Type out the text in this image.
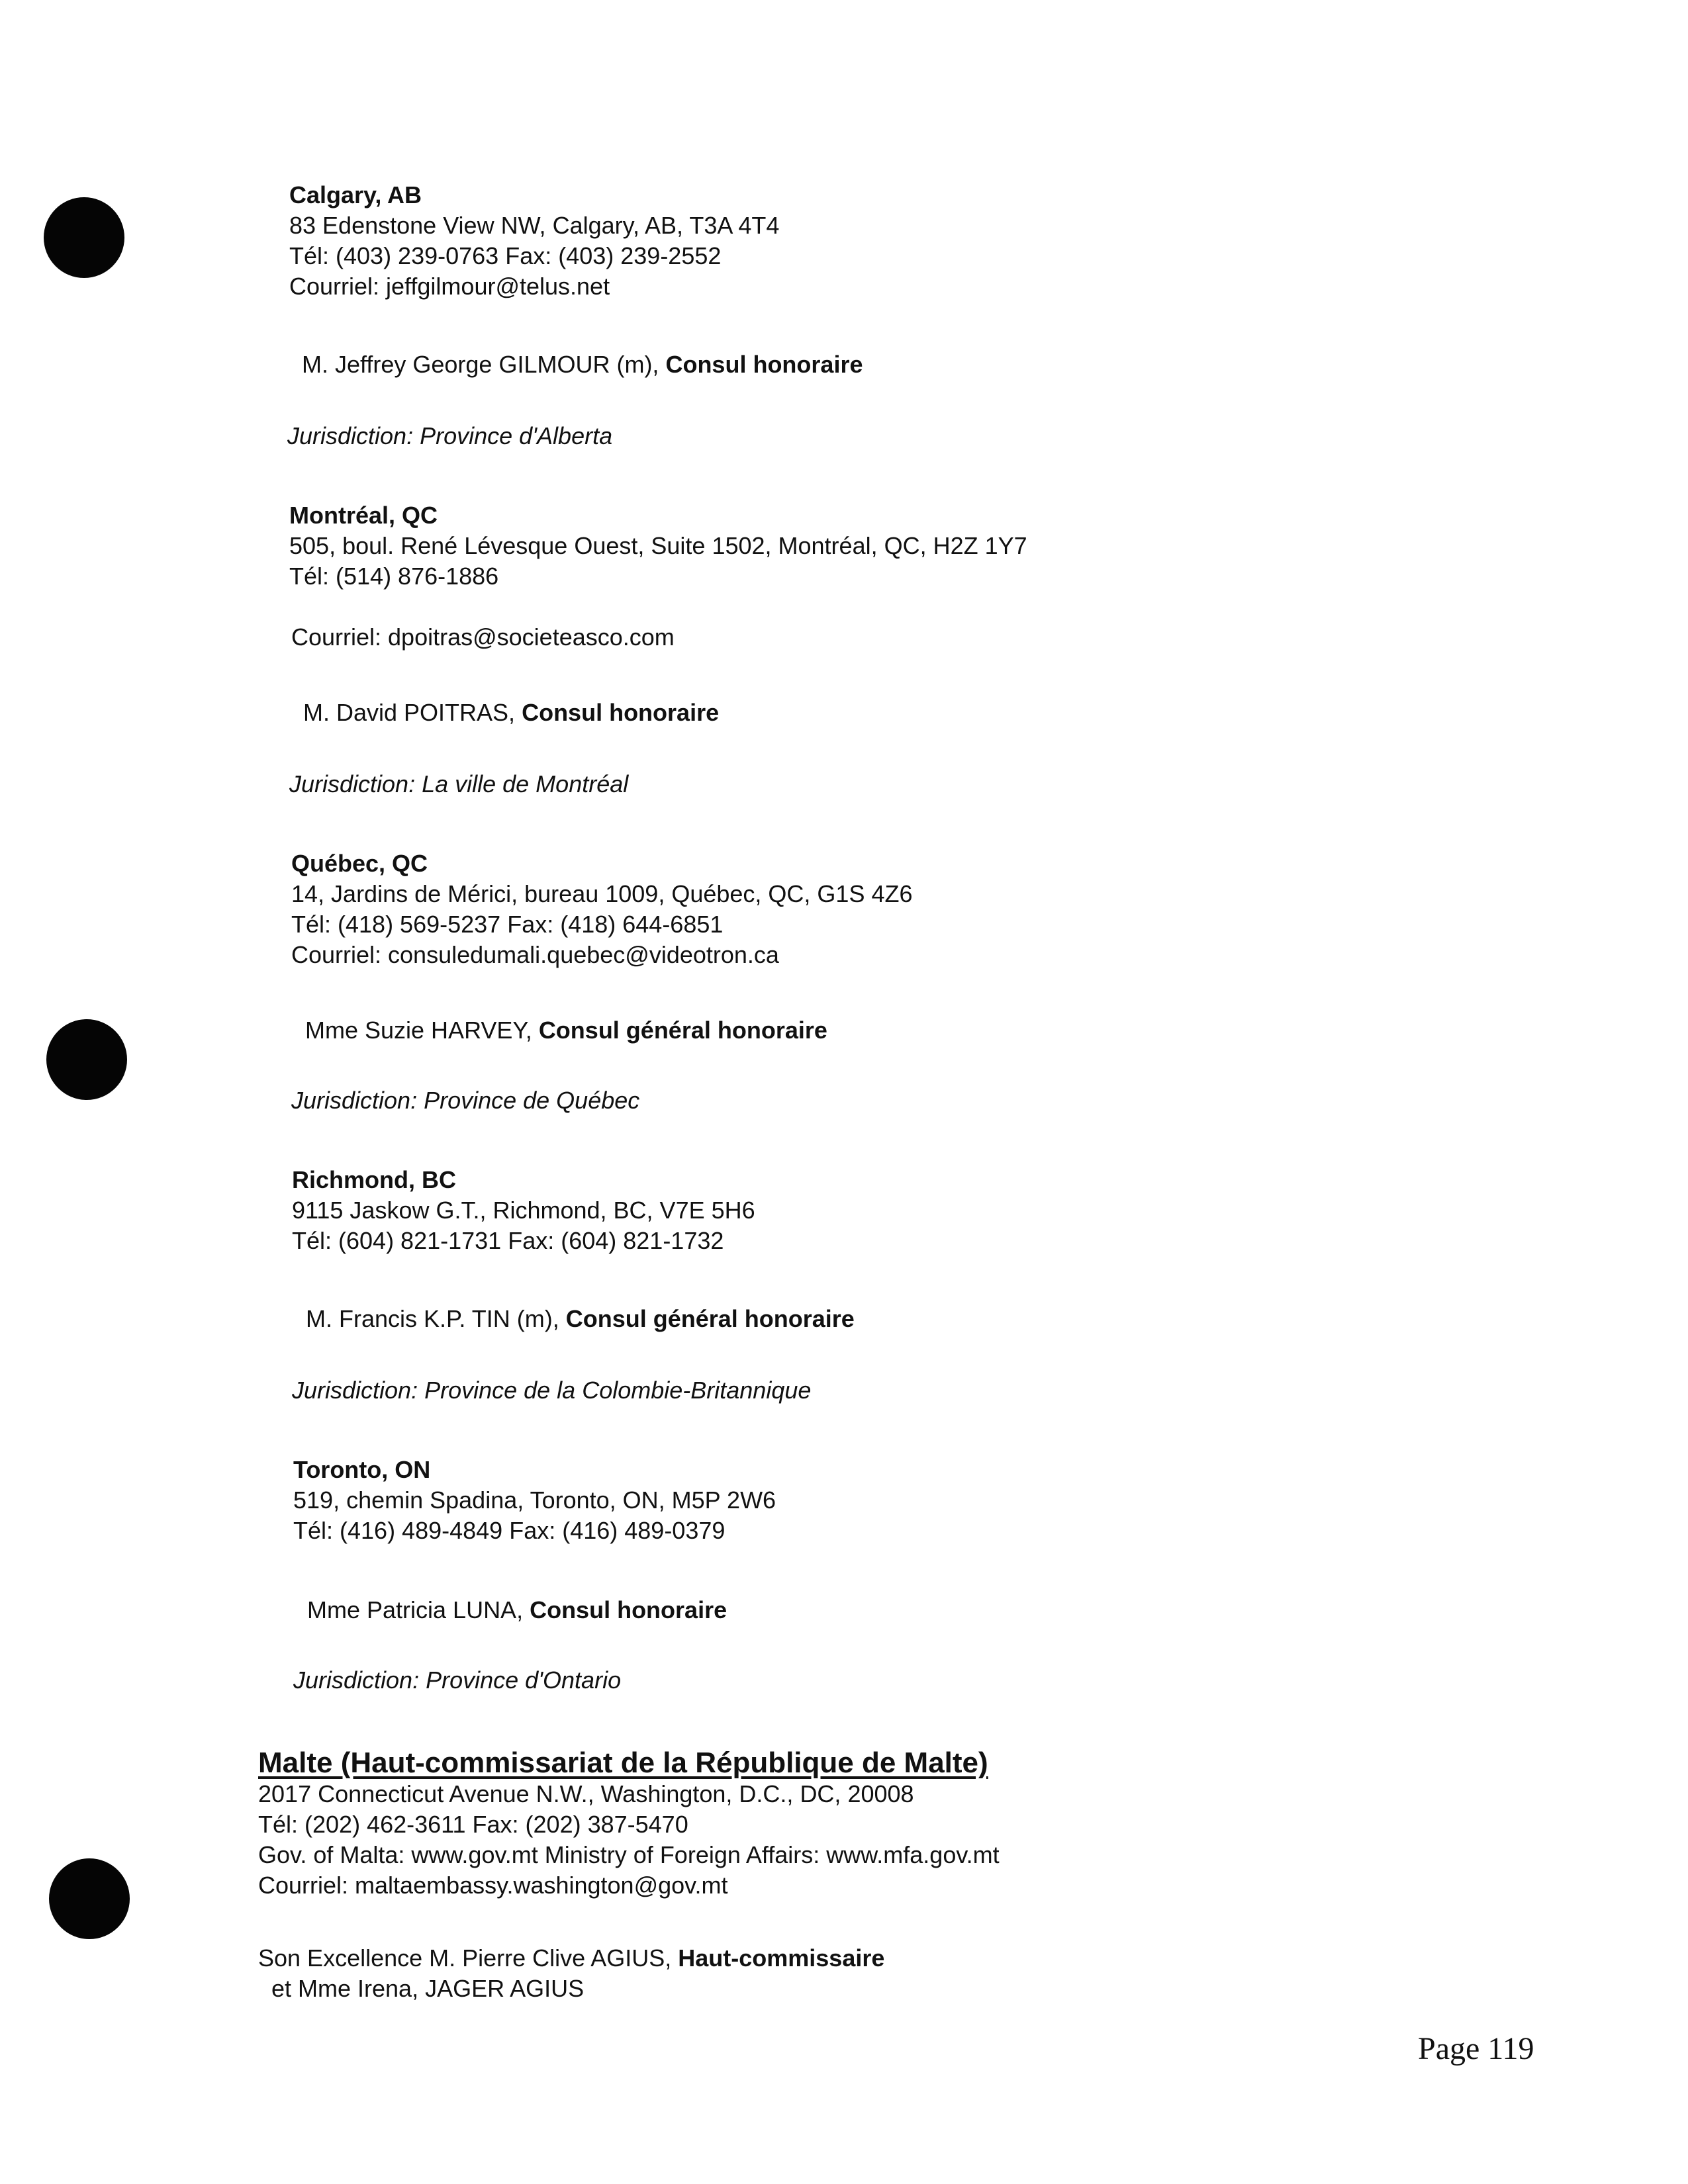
Calgary, AB
83 Edenstone View NW, Calgary, AB, T3A 4T4
Tél: (403) 239-0763 Fax: (403) 239-2552
Courriel: jeffgilmour@telus.net
M. Jeffrey George GILMOUR (m), Consul honoraire
Jurisdiction: Province d'Alberta
Montréal, QC
505, boul. René Lévesque Ouest, Suite 1502, Montréal, QC, H2Z 1Y7
Tél: (514) 876-1886
Courriel: dpoitras@societeasco.com
M. David POITRAS, Consul honoraire
Jurisdiction: La ville de Montréal
Québec, QC
14, Jardins de Mérici, bureau 1009, Québec, QC, G1S 4Z6
Tél: (418) 569-5237 Fax: (418) 644-6851
Courriel: consuledumali.quebec@videotron.ca
Mme Suzie HARVEY, Consul général honoraire
Jurisdiction: Province de Québec
Richmond, BC
9115 Jaskow G.T., Richmond, BC, V7E 5H6
Tél: (604) 821-1731 Fax: (604) 821-1732
M. Francis K.P. TIN (m), Consul général honoraire
Jurisdiction: Province de la Colombie-Britannique
Toronto, ON
519, chemin Spadina, Toronto, ON, M5P 2W6
Tél: (416) 489-4849 Fax: (416) 489-0379
Mme Patricia LUNA, Consul honoraire
Jurisdiction: Province d'Ontario
Malte (Haut-commissariat de la République de Malte)
2017 Connecticut Avenue N.W., Washington, D.C., DC, 20008
Tél: (202) 462-3611 Fax: (202) 387-5470
Gov. of Malta: www.gov.mt Ministry of Foreign Affairs: www.mfa.gov.mt
Courriel: maltaembassy.washington@gov.mt
Son Excellence M. Pierre Clive AGIUS, Haut-commissaire
et Mme Irena, JAGER AGIUS
Page 119
